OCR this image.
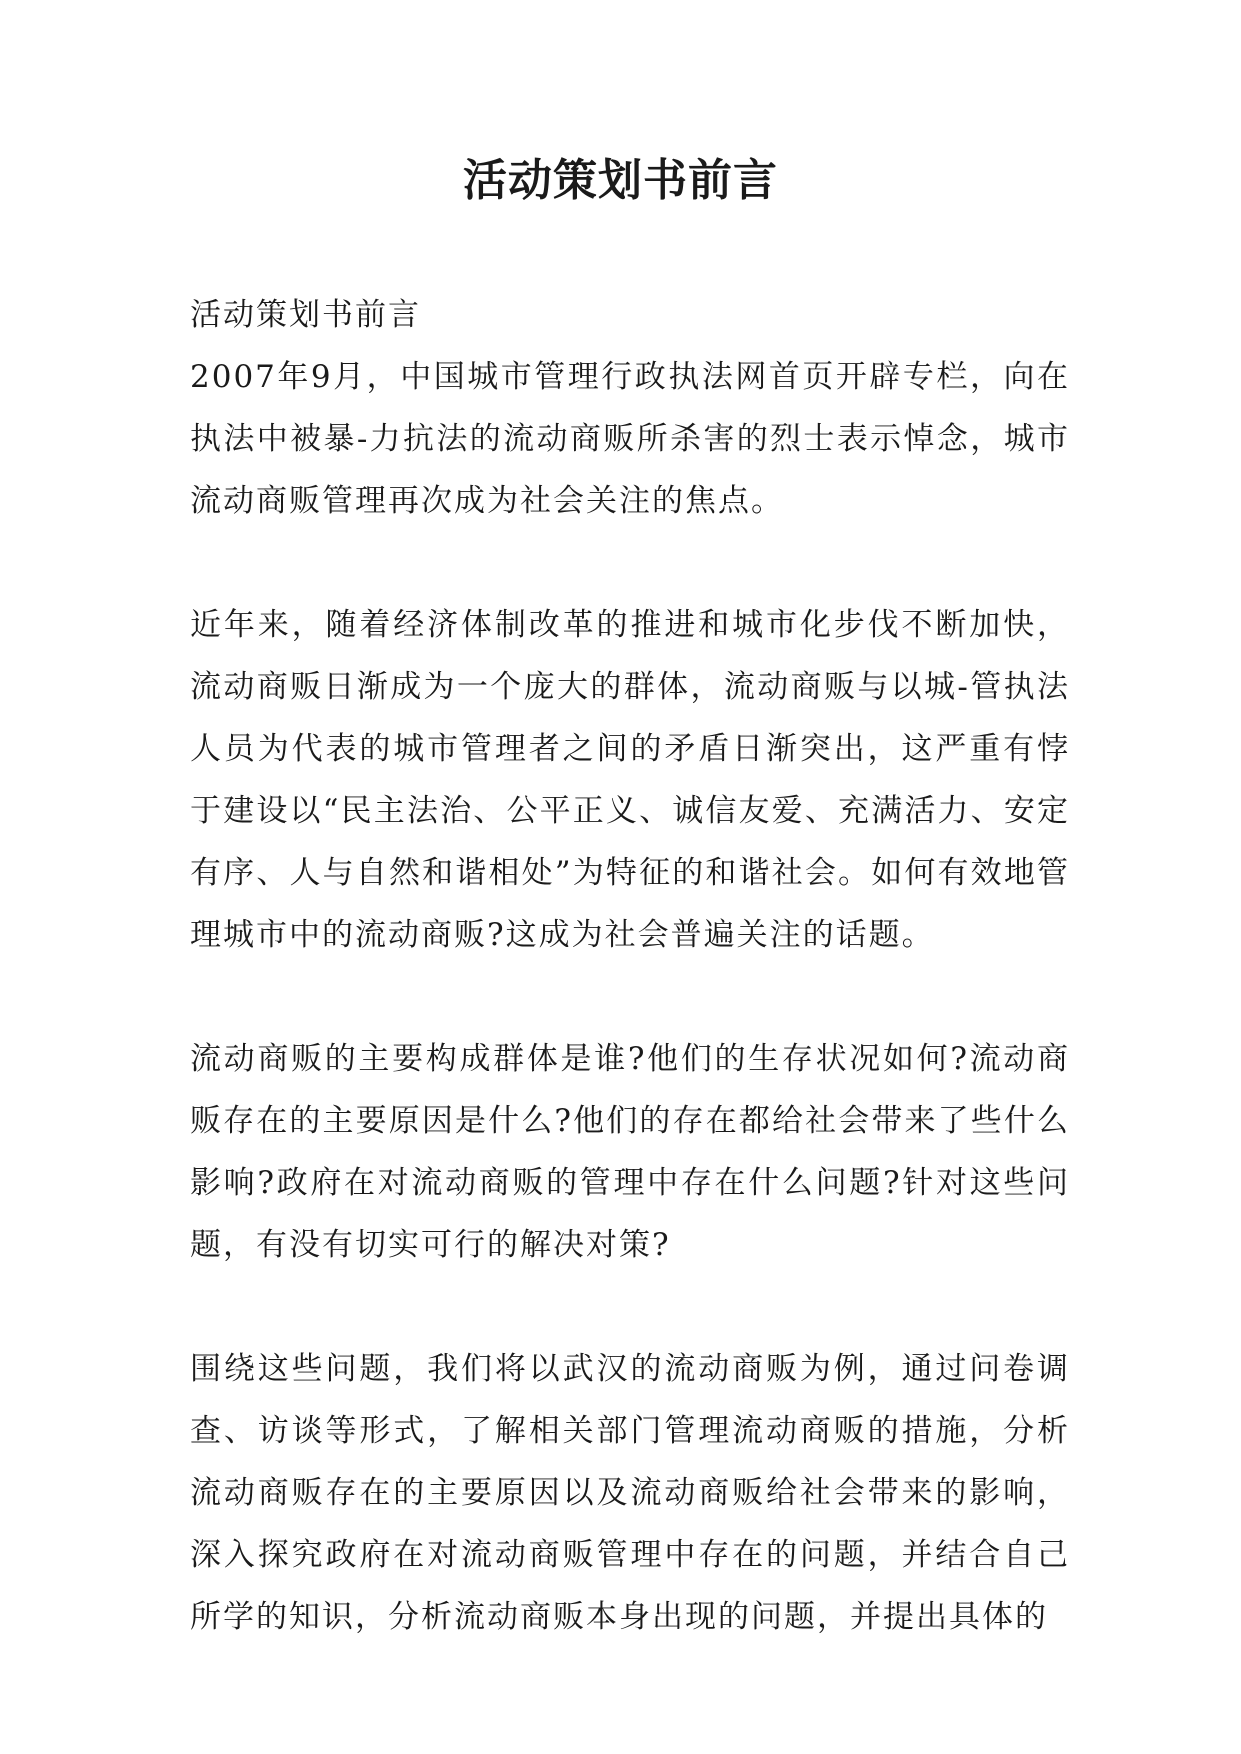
活动策划书前言

活动策划书前言

2007年9月，中国城市管理行政执法网首页开辟专栏，向在执法中被暴-力抗法的流动商贩所杀害的烈士表示悼念，城市流动商贩管理再次成为社会关注的焦点。

近年来，随着经济体制改革的推进和城市化步伐不断加快，流动商贩日渐成为一个庞大的群体，流动商贩与以城-管执法人员为代表的城市管理者之间的矛盾日渐突出，这严重有悖于建设以“民主法治、公平正义、诚信友爱、充满活力、安定有序、人与自然和谐相处”为特征的和谐社会。如何有效地管理城市中的流动商贩?这成为社会普遍关注的话题。

流动商贩的主要构成群体是谁?他们的生存状况如何?流动商贩存在的主要原因是什么?他们的存在都给社会带来了些什么影响?政府在对流动商贩的管理中存在什么问题?针对这些问题，有没有切实可行的解决对策?

围绕这些问题，我们将以武汉的流动商贩为例，通过问卷调查、访谈等形式，了解相关部门管理流动商贩的措施，分析流动商贩存在的主要原因以及流动商贩给社会带来的影响，深入探究政府在对流动商贩管理中存在的问题，并结合自己所学的知识，分析流动商贩本身出现的问题，并提出具体的
